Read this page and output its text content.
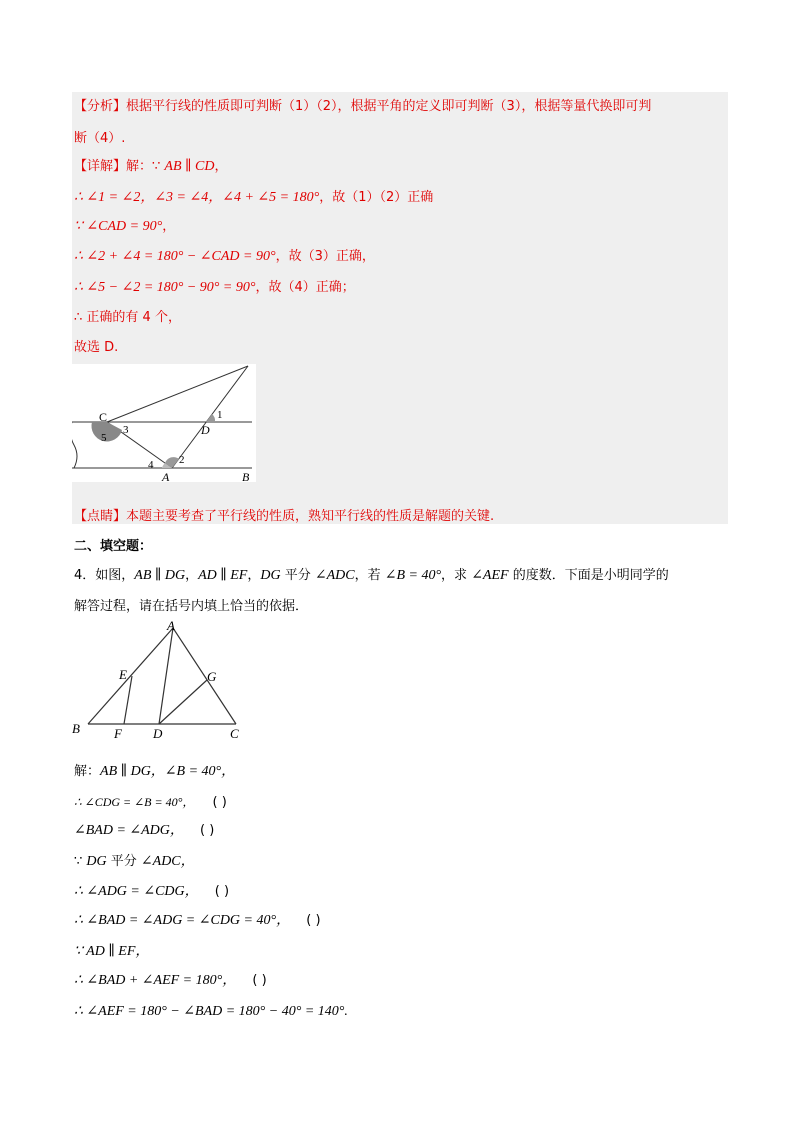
【分析】根据平行线的性质即可判断（1）（2），根据平角的定义即可判断（3），根据等量代换即可判
断（4）.
【详解】解：∵ AB ∥ CD，
∴ ∠1 = ∠2，∠3 = ∠4，∠4 + ∠5 = 180°，故（1）（2）正确
∵ ∠CAD = 90°，
∴ ∠2 + ∠4 = 180° − ∠CAD = 90°，故（3）正确，
∴ ∠5 − ∠2 = 180° − 90° = 90°，故（4）正确；
∴ 正确的有 4 个，
故选 D.
C
D
A	B
1
2
3
4
5
【点睛】本题主要考查了平行线的性质，熟知平行线的性质是解题的关键.
二、填空题：
4．如图，AB ∥ DG，AD ∥ EF，DG 平分 ∠ADC，若 ∠B = 40°，求 ∠AEF 的度数．下面是小明同学的
解答过程，请在括号内填上恰当的依据．
A
B	C
D
E
F
G
解：AB ∥ DG，∠B = 40°，
∴ ∠CDG = ∠B = 40°， ( )
∠BAD = ∠ADG， ( )
∵ DG 平分 ∠ADC，
∴ ∠ADG = ∠CDG， ( )
∴ ∠BAD = ∠ADG = ∠CDG = 40°， ( )
∵ AD ∥ EF，
∴ ∠BAD + ∠AEF = 180°， ( )
∴ ∠AEF = 180° − ∠BAD = 180° − 40° = 140°.
